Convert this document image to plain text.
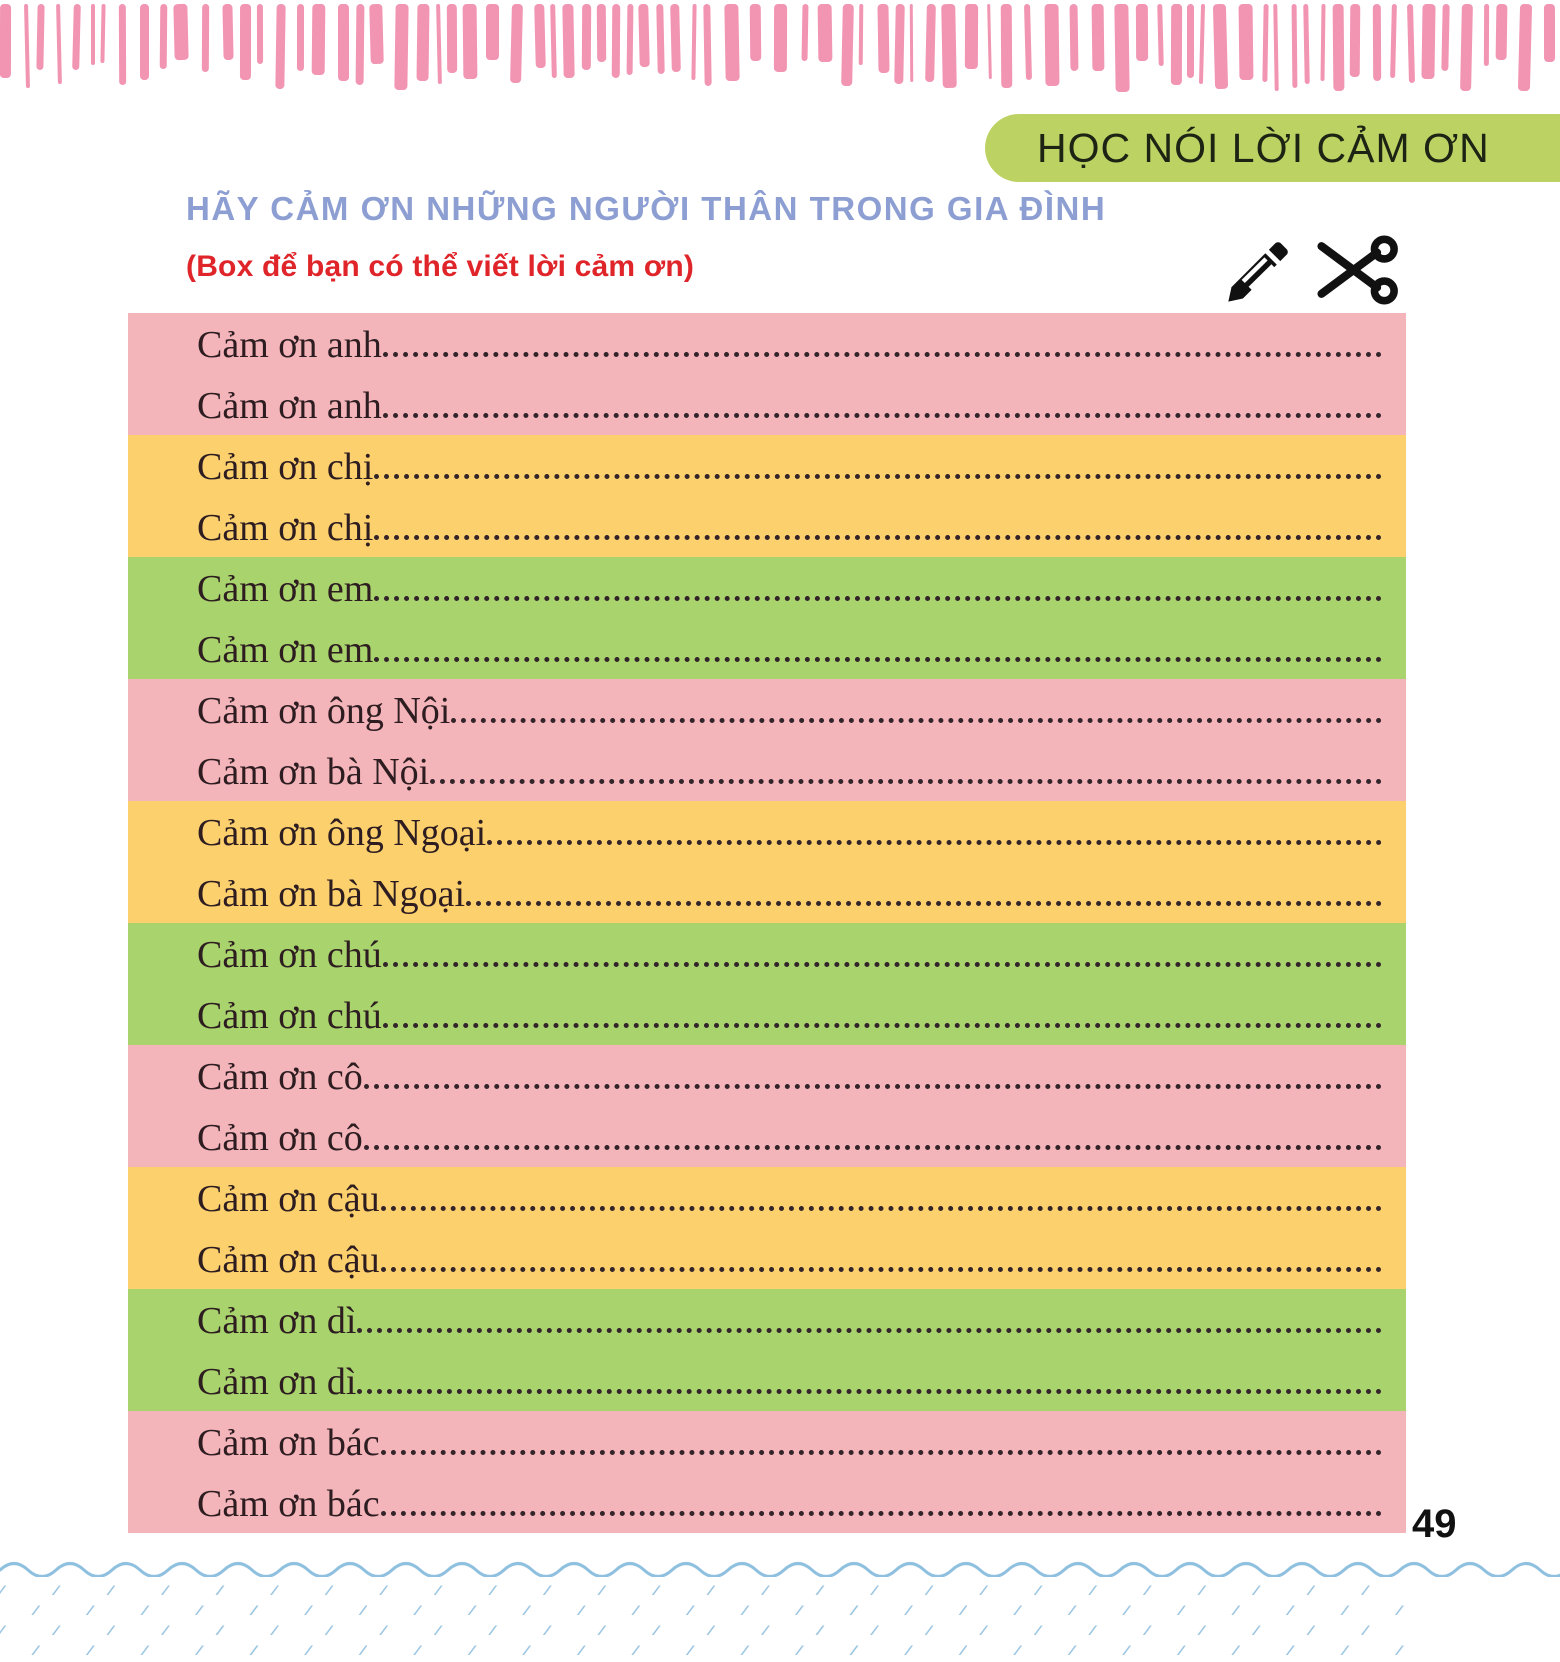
HỌC NÓI LỜI CẢM ƠN
HÃY CẢM ƠN NHỮNG NGƯỜI THÂN TRONG GIA ĐÌNH
(Box để bạn có thể viết lời cảm ơn)
Cảm ơn anh
Cảm ơn anh
Cảm ơn chị
Cảm ơn chị
Cảm ơn em
Cảm ơn em
Cảm ơn ông Nội
Cảm ơn bà Nội
Cảm ơn ông Ngoại
Cảm ơn bà Ngoại
Cảm ơn chú
Cảm ơn chú
Cảm ơn cô
Cảm ơn cô
Cảm ơn cậu
Cảm ơn cậu
Cảm ơn dì
Cảm ơn dì
Cảm ơn bác
Cảm ơn bác	49
⁄⁄⁄ ⁄⁄⁄ ⁄⁄⁄ ⁄⁄⁄ ⁄⁄⁄ ⁄⁄⁄ ⁄⁄⁄ ⁄⁄⁄ ⁄⁄⁄ ⁄⁄⁄ ⁄⁄⁄ ⁄⁄⁄ ⁄⁄⁄ ⁄⁄⁄ ⁄⁄⁄ ⁄⁄⁄ ⁄⁄⁄ ⁄⁄⁄ ⁄⁄⁄ ⁄⁄⁄ ⁄⁄⁄ ⁄⁄⁄ ⁄⁄⁄ ⁄⁄⁄ ⁄⁄⁄ ⁄⁄⁄
⁄⁄⁄ ⁄⁄⁄ ⁄⁄⁄ ⁄⁄⁄ ⁄⁄⁄ ⁄⁄⁄ ⁄⁄⁄ ⁄⁄⁄ ⁄⁄⁄ ⁄⁄⁄ ⁄⁄⁄ ⁄⁄⁄ ⁄⁄⁄ ⁄⁄⁄ ⁄⁄⁄ ⁄⁄⁄ ⁄⁄⁄ ⁄⁄⁄ ⁄⁄⁄ ⁄⁄⁄ ⁄⁄⁄ ⁄⁄⁄ ⁄⁄⁄ ⁄⁄⁄ ⁄⁄⁄ ⁄⁄⁄
⁄⁄⁄ ⁄⁄⁄ ⁄⁄⁄ ⁄⁄⁄ ⁄⁄⁄ ⁄⁄⁄ ⁄⁄⁄ ⁄⁄⁄ ⁄⁄⁄ ⁄⁄⁄ ⁄⁄⁄ ⁄⁄⁄ ⁄⁄⁄ ⁄⁄⁄ ⁄⁄⁄ ⁄⁄⁄ ⁄⁄⁄ ⁄⁄⁄ ⁄⁄⁄ ⁄⁄⁄ ⁄⁄⁄ ⁄⁄⁄ ⁄⁄⁄ ⁄⁄⁄ ⁄⁄⁄ ⁄⁄⁄
⁄⁄⁄ ⁄⁄⁄ ⁄⁄⁄ ⁄⁄⁄ ⁄⁄⁄ ⁄⁄⁄ ⁄⁄⁄ ⁄⁄⁄ ⁄⁄⁄ ⁄⁄⁄ ⁄⁄⁄ ⁄⁄⁄ ⁄⁄⁄ ⁄⁄⁄ ⁄⁄⁄ ⁄⁄⁄ ⁄⁄⁄ ⁄⁄⁄ ⁄⁄⁄ ⁄⁄⁄ ⁄⁄⁄ ⁄⁄⁄ ⁄⁄⁄ ⁄⁄⁄ ⁄⁄⁄ ⁄⁄⁄
